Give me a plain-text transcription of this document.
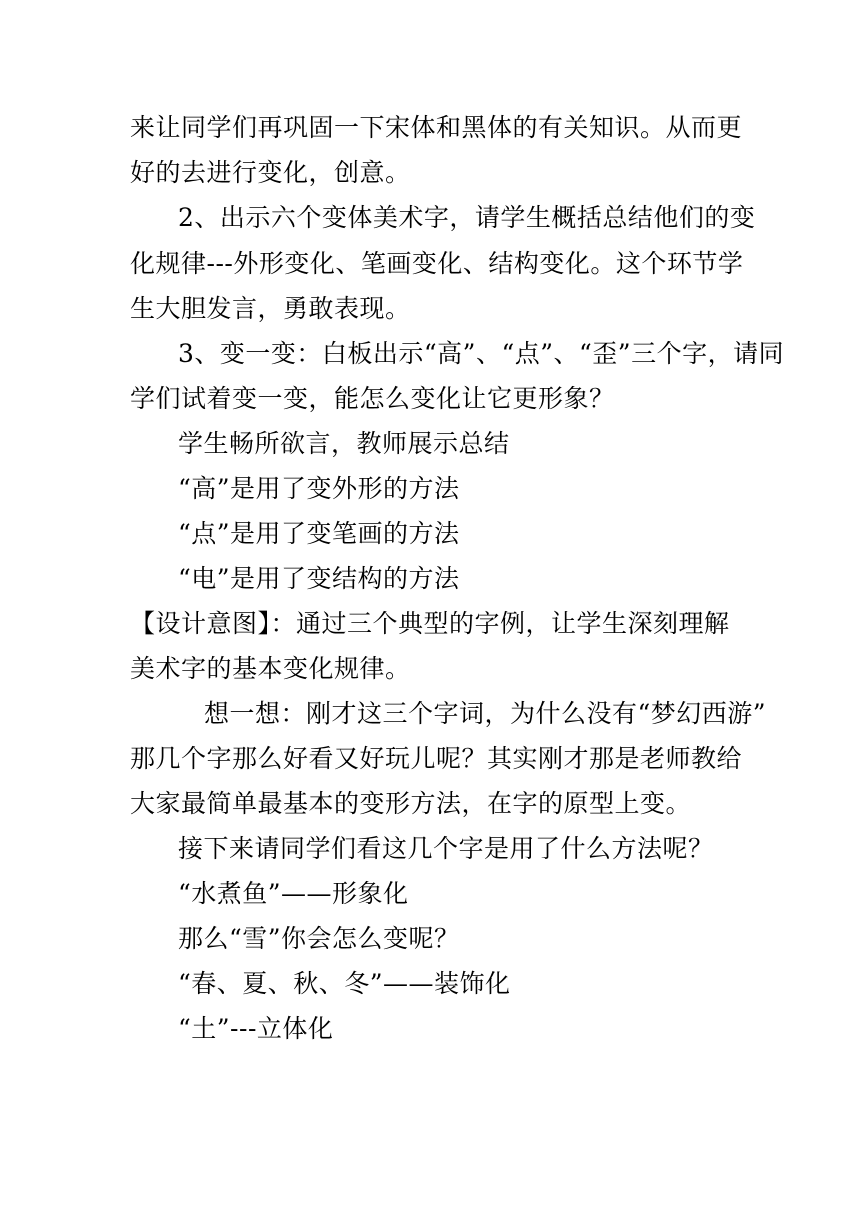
来让同学们再巩固一下宋体和黑体的有关知识。从而更
好的去进行变化，创意。
2、出示六个变体美术字，请学生概括总结他们的变
化规律---外形变化、笔画变化、结构变化。这个环节学
生大胆发言，勇敢表现。
3、变一变：白板出示“高”、“点”、“歪”三个字，请同
学们试着变一变，能怎么变化让它更形象？
学生畅所欲言，教师展示总结
“高”是用了变外形的方法
“点”是用了变笔画的方法
“电”是用了变结构的方法
【设计意图】：通过三个典型的字例，让学生深刻理解
美术字的基本变化规律。
想一想：刚才这三个字词，为什么没有“梦幻西游”
那几个字那么好看又好玩儿呢？其实刚才那是老师教给
大家最简单最基本的变形方法，在字的原型上变。
接下来请同学们看这几个字是用了什么方法呢？
“水煮鱼”——形象化
那么“雪”你会怎么变呢？
“春、夏、秋、冬”——装饰化
“土”---立体化
